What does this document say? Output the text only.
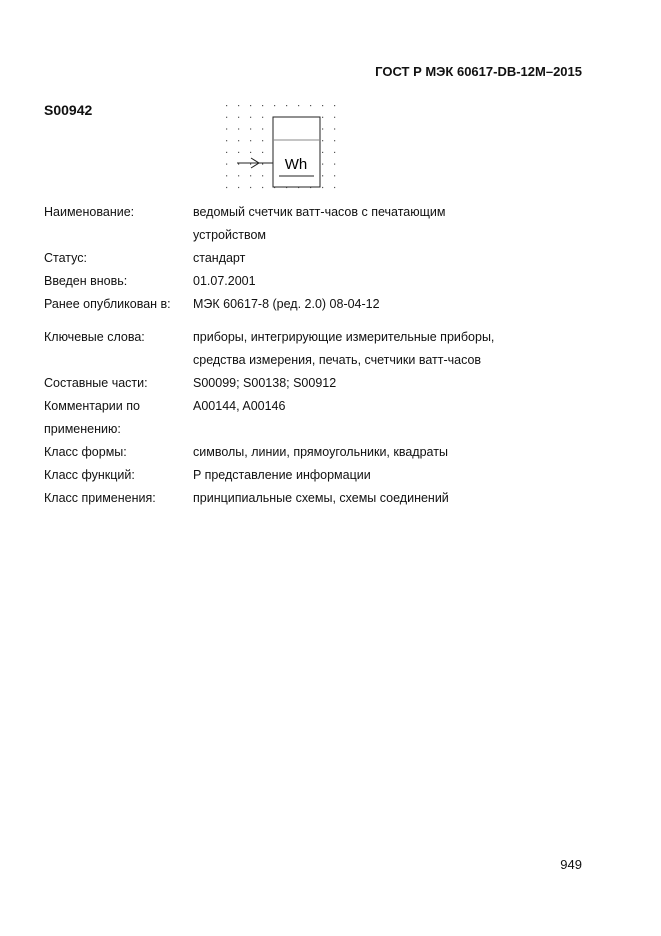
ГОСТ Р МЭК 60617-DB-12M–2015
S00942
Wh
Наименование:	ведомый счетчик ватт-часов с печатающим
устройством
Статус:	стандарт
Введен вновь:	01.07.2001
Ранее опубликован в:	МЭК 60617-8 (ред. 2.0) 08-04-12
Ключевые слова:	приборы, интегрирующие измерительные приборы,
средства измерения, печать, счетчики ватт-часов
Составные части:	S00099; S00138; S00912
Комментарии по	A00144, A00146
применению:
Класс формы:	символы, линии, прямоугольники, квадраты
Класс функций:	P представление информации
Класс применения:	принципиальные схемы, схемы соединений
949
